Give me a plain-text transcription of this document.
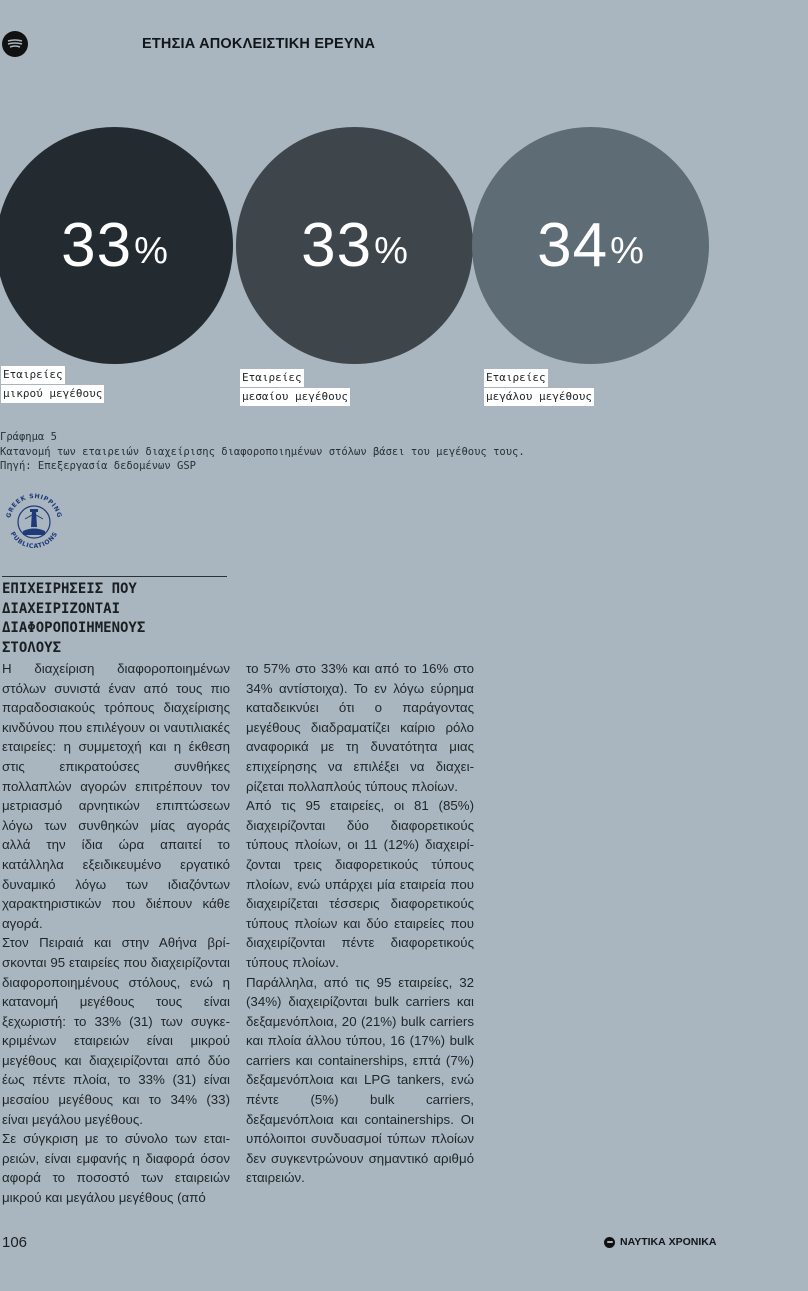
ΕΤΗΣΙΑ ΑΠΟΚΛΕΙΣΤΙΚΗ ΕΡΕΥΝΑ
33 % 33 % 34 %
Εταιρείες
μικρού μεγέθους
Εταιρείες
μεσαίου μεγέθους
Εταιρείες
μεγάλου μεγέθους
Γράφημα 5
Κατανομή των εταιρειών διαχείρισης διαφοροποιημένων στόλων βάσει του μεγέθους τους.
Πηγή: Επεξεργασία δεδομένων GSP
GREEK SHIPPING
PUBLICATIONS
ΕΠΙΧΕΙΡΗΣΕΙΣ ΠΟΥ
ΔΙΑΧΕΙΡΙΖΟΝΤΑΙ
ΔΙΑΦΟΡΟΠΟΙΗΜΕΝΟΥΣ
ΣΤΟΛΟΥΣ

Η διαχείριση διαφοροποιημένων στόλων συνιστά έναν από τους πιο παραδοσιακούς τρόπους διαχείρισης κινδύνου που επιλέγουν οι ναυτιλιακές εταιρείες: η συμμετοχή και η έκθεση στις επικρατούσες συνθήκες πολλαπλών αγορών επιτρέπουν τον μετριασμό αρνητικών επιπτώσεων λόγω των συνθηκών μίας αγοράς αλλά την ίδια ώρα απαιτεί το κατάλληλα εξειδικευμένο εργατικό δυναμικό λόγω των ιδιαζόντων χαρακτηριστικών που διέπουν κάθε αγορά.

Στον Πειραιά και στην Αθήνα βρίσκονται 95 εταιρείες που διαχειρίζονται διαφοροποιημένους στόλους, ενώ η κατανομή μεγέθους τους είναι ξεχωριστή: το 33% (31) των συγκεκριμένων εταιρειών είναι μικρού μεγέθους και διαχειρίζονται από δύο έως πέντε πλοία, το 33% (31) είναι μεσαίου μεγέθους και το 34% (33) είναι μεγάλου μεγέθους.

Σε σύγκριση με το σύνολο των εταιρειών, είναι εμφανής η διαφορά όσον αφορά το ποσοστό των εταιρειών μικρού και μεγάλου μεγέθους (από

το 57% στο 33% και από το 16% στο 34% αντίστοιχα). Το εν λόγω εύρημα καταδεικνύει ότι ο παράγοντας μεγέθους διαδραματίζει καίριο ρόλο αναφορικά με τη δυνατότητα μιας επιχείρησης να επιλέξει να διαχειρίζεται πολλαπλούς τύπους πλοίων.

Από τις 95 εταιρείες, οι 81 (85%) διαχειρίζονται δύο διαφορετικούς τύπους πλοίων, οι 11 (12%) διαχειρίζονται τρεις διαφορετικούς τύπους πλοίων, ενώ υπάρχει μία εταιρεία που διαχειρίζεται τέσσερις διαφορετικούς τύπους πλοίων και δύο εταιρείες που διαχειρίζονται πέντε διαφορετικούς τύπους πλοίων.

Παράλληλα, από τις 95 εταιρείες, 32 (34%) διαχειρίζονται bulk carriers και δεξαμενόπλοια, 20 (21%) bulk carriers και πλοία άλλου τύπου, 16 (17%) bulk carriers και containerships, επτά (7%) δεξαμενόπλοια και LPG tankers, ενώ πέντε (5%) bulk carriers, δεξαμενόπλοια και containerships. Οι υπόλοιποι συνδυασμοί τύπων πλοίων δεν συγκεντρώνουν σημαντικό αριθμό εταιρειών.

106	ΝΑΥΤΙΚΑ ΧΡΟΝΙΚΑ
